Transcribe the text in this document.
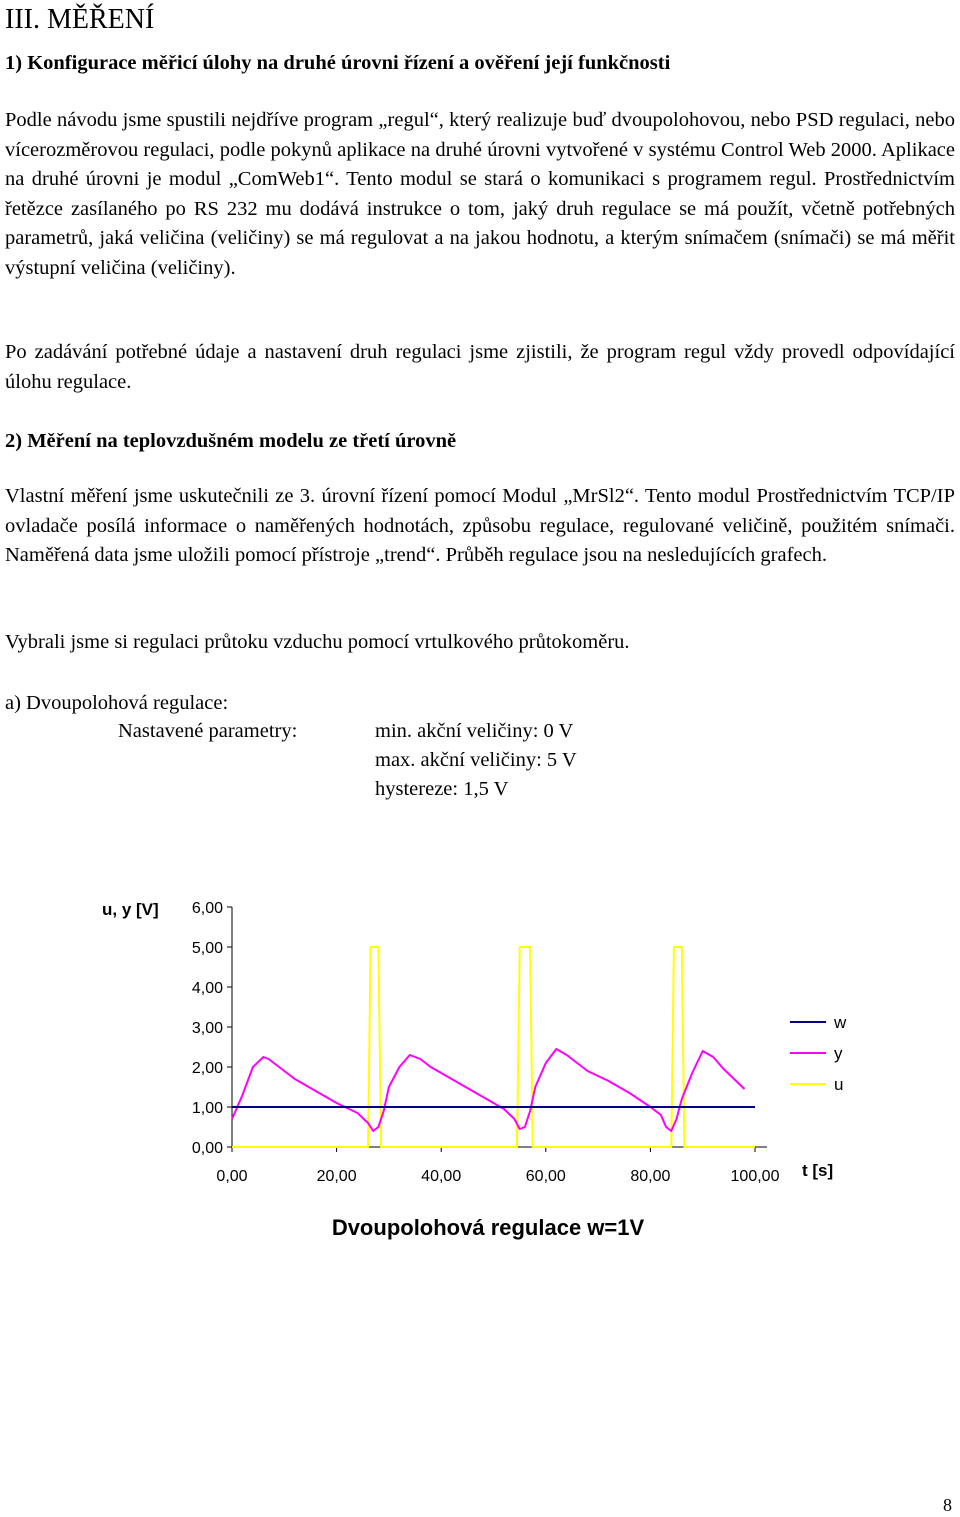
III. MĚŘENÍ
1) Konfigurace měřicí úlohy na druhé úrovni řízení a ověření její funkčnosti

Podle návodu jsme spustili nejdříve program „regul“, který realizuje buď dvoupolohovou, nebo PSD regulaci, nebo vícerozměrovou regulaci, podle pokynů aplikace na druhé úrovni vytvořené v systému Control Web 2000. Aplikace na druhé úrovni je modul „ComWeb1“. Tento modul se stará o komunikaci s programem regul. Prostřednictvím řetězce zasílaného po RS 232 mu dodává instrukce o tom, jaký druh regulace se má použít, včetně potřebných parametrů, jaká veličina (veličiny) se má regulovat a na jakou hodnotu, a kterým snímačem (snímači) se má měřit výstupní veličina (veličiny).

Po zadávání potřebné údaje a nastavení druh regulaci jsme zjistili, že program regul vždy provedl odpovídající úlohu regulace.

2) Měření na teplovzdušném modelu ze třetí úrovně

Vlastní měření jsme uskutečnili ze 3. úrovní řízení pomocí Modul „MrSl2“. Tento modul Prostřednictvím TCP/IP ovladače posílá informace o naměřených hodnotách, způsobu regulace, regulované veličině, použitém snímači. Naměřená data jsme uložili pomocí přístroje „trend“. Průběh regulace jsou na nesledujících grafech.

Vybrali jsme si regulaci průtoku vzduchu pomocí vrtulkového průtokoměru.

a) Dvoupolohová regulace:
Nastavené parametry:	min. akční veličiny: 0 V
max. akční veličiny: 5 V
hystereze: 1,5 V
0,00
1,00
2,00
3,00
4,00
5,00
6,00
0,00	20,00	40,00	60,00	80,00	100,00
w
y
u
u, y [V]
t [s]
Dvoupolohová regulace w=1V
8
